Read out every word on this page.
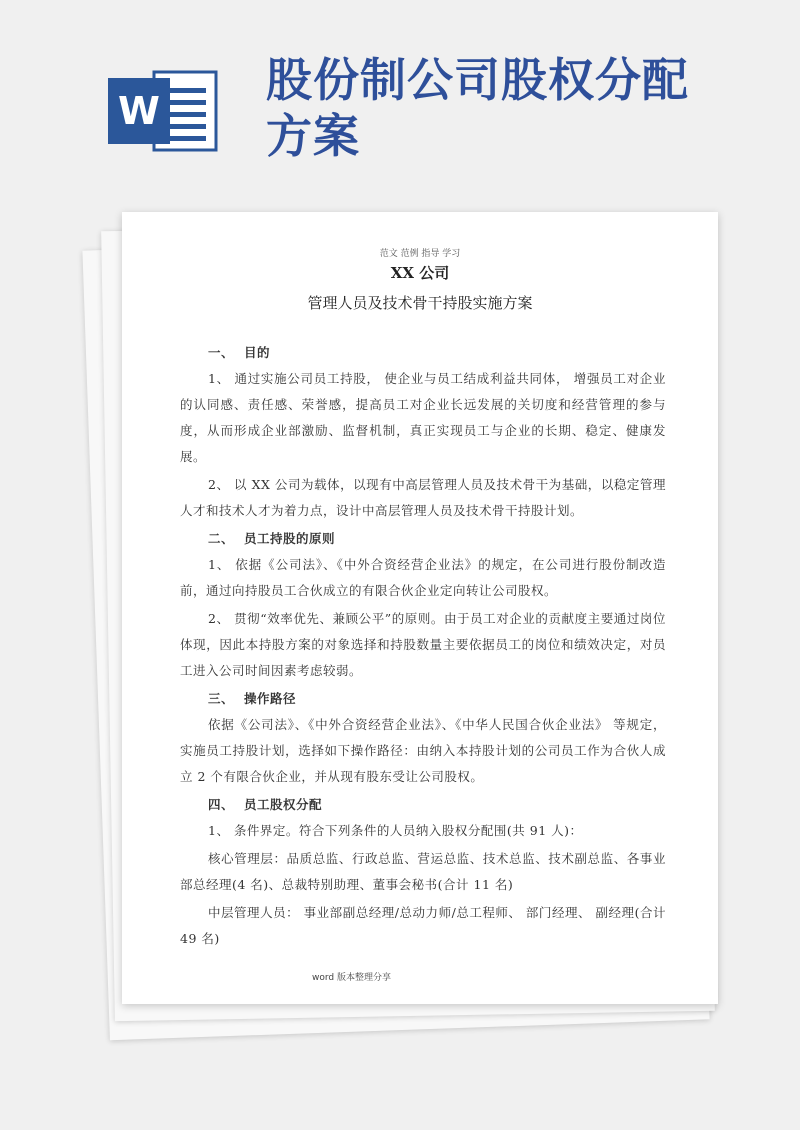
W
股份制公司股权分配方案
范文 范例 指导 学习
XX 公司
管理人员及技术骨干持股实施方案
一、 目的

1、 通过实施公司员工持股， 使企业与员工结成利益共同体， 增强员工对企业的认同感、责任感、荣誉感，提高员工对企业长远发展的关切度和经营管理的参与度，从而形成企业部激励、监督机制，真正实现员工与企业的长期、稳定、健康发展。

2、 以 XX 公司为载体，以现有中高层管理人员及技术骨干为基础，以稳定管理人才和技术人才为着力点，设计中高层管理人员及技术骨干持股计划。

二、 员工持股的原则

1、 依据《公司法》、《中外合资经营企业法》的规定，在公司进行股份制改造前，通过向持股员工合伙成立的有限合伙企业定向转让公司股权。

2、 贯彻“效率优先、兼顾公平”的原则。由于员工对企业的贡献度主要通过岗位体现，因此本持股方案的对象选择和持股数量主要依据员工的岗位和绩效决定，对员工进入公司时间因素考虑较弱。

三、 操作路径

依据《公司法》、《中外合资经营企业法》、《中华人民国合伙企业法》 等规定，实施员工持股计划，选择如下操作路径：由纳入本持股计划的公司员工作为合伙人成立 2 个有限合伙企业，并从现有股东受让公司股权。

四、 员工股权分配

1、 条件界定。符合下列条件的人员纳入股权分配围(共 91 人)：

核心管理层：品质总监、行政总监、营运总监、技术总监、技术副总监、各事业部总经理(4 名)、总裁特别助理、董事会秘书(合计 11 名)

中层管理人员： 事业部副总经理/总动力师/总工程师、 部门经理、 副经理(合计 49 名)

word 版本整理分享
